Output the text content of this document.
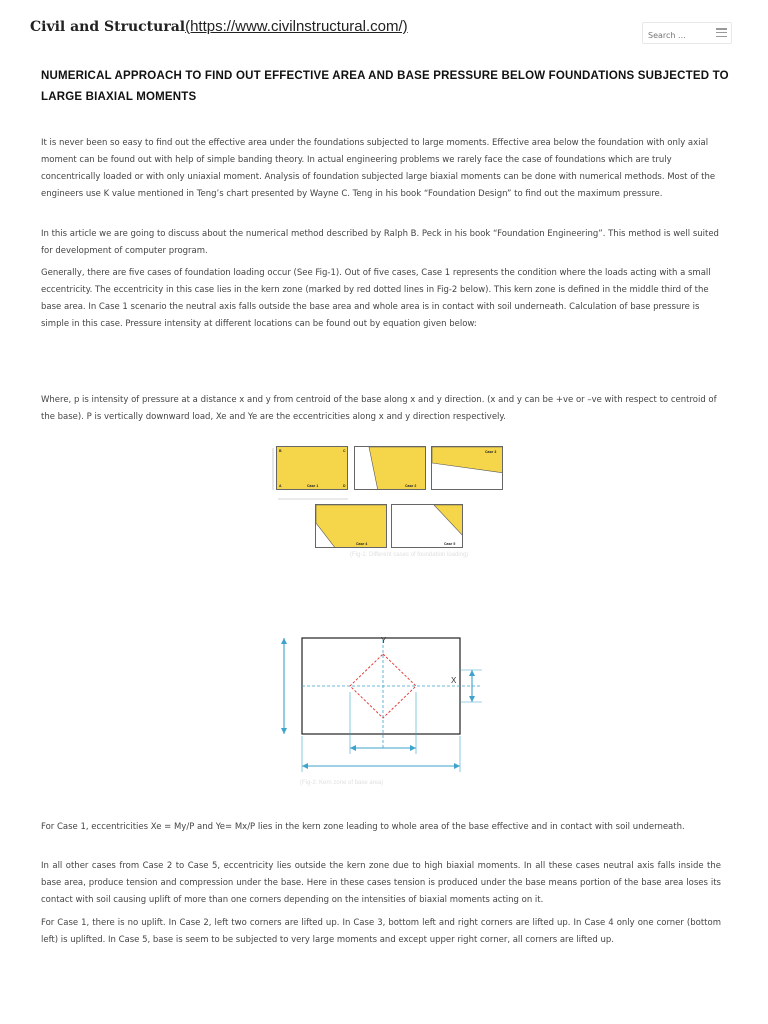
Civil and Structural(https://www.civilnstructural.com/)
Search ...
NUMERICAL APPROACH TO FIND OUT EFFECTIVE AREA AND BASE PRESSURE BELOW FOUNDATIONS SUBJECTED TO LARGE BIAXIAL MOMENTS

It is never been so easy to find out the effective area under the foundations subjected to large moments. Effective area below the foundation with only axial moment can be found out with help of simple banding theory. In actual engineering problems we rarely face the case of foundations which are truly concentrically loaded or with only uniaxial moment. Analysis of foundation subjected large biaxial moments can be done with numerical methods. Most of the engineers use K value mentioned in Teng’s chart presented by Wayne C. Teng in his book “Foundation Design” to find out the maximum pressure.

In this article we are going to discuss about the numerical method described by Ralph B. Peck in his book “Foundation Engineering”. This method is well suited for development of computer program.

Generally, there are five cases of foundation loading occur (See Fig-1). Out of five cases, Case 1 represents the condition where the loads acting with a small eccentricity. The eccentricity in this case lies in the kern zone (marked by red dotted lines in Fig-2 below). This kern zone is defined in the middle third of the base area. In Case 1 scenario the neutral axis falls outside the base area and whole area is in contact with soil underneath. Calculation of base pressure is simple in this case. Pressure intensity at different locations can be found out by equation given below:

Where, p is intensity of pressure at a distance x and y from centroid of the base along x and y direction. (x and y can be +ve or –ve with respect to centroid of the base). P is vertically downward load, Xe and Ye are the eccentricities along x and y direction respectively.

B	C
A	D
Case 1	Case 2
Case 3
Case 4	Case 5
(Fig-1: Different cases of foundation loading)
Y
X
(Fig-2: Kern zone of base area)

For Case 1, eccentricities Xe = My/P and Ye= Mx/P lies in the kern zone leading to whole area of the base effective and in contact with soil underneath.

In all other cases from Case 2 to Case 5, eccentricity lies outside the kern zone due to high biaxial moments. In all these cases neutral axis falls inside the base area, produce tension and compression under the base. Here in these cases tension is produced under the base means portion of the base area loses its contact with soil causing uplift of more than one corners depending on the intensities of biaxial moments acting on it.

For Case 1, there is no uplift. In Case 2, left two corners are lifted up. In Case 3, bottom left and right corners are lifted up. In Case 4 only one corner (bottom left) is uplifted. In Case 5, base is seem to be subjected to very large moments and except upper right corner, all corners are lifted up.
